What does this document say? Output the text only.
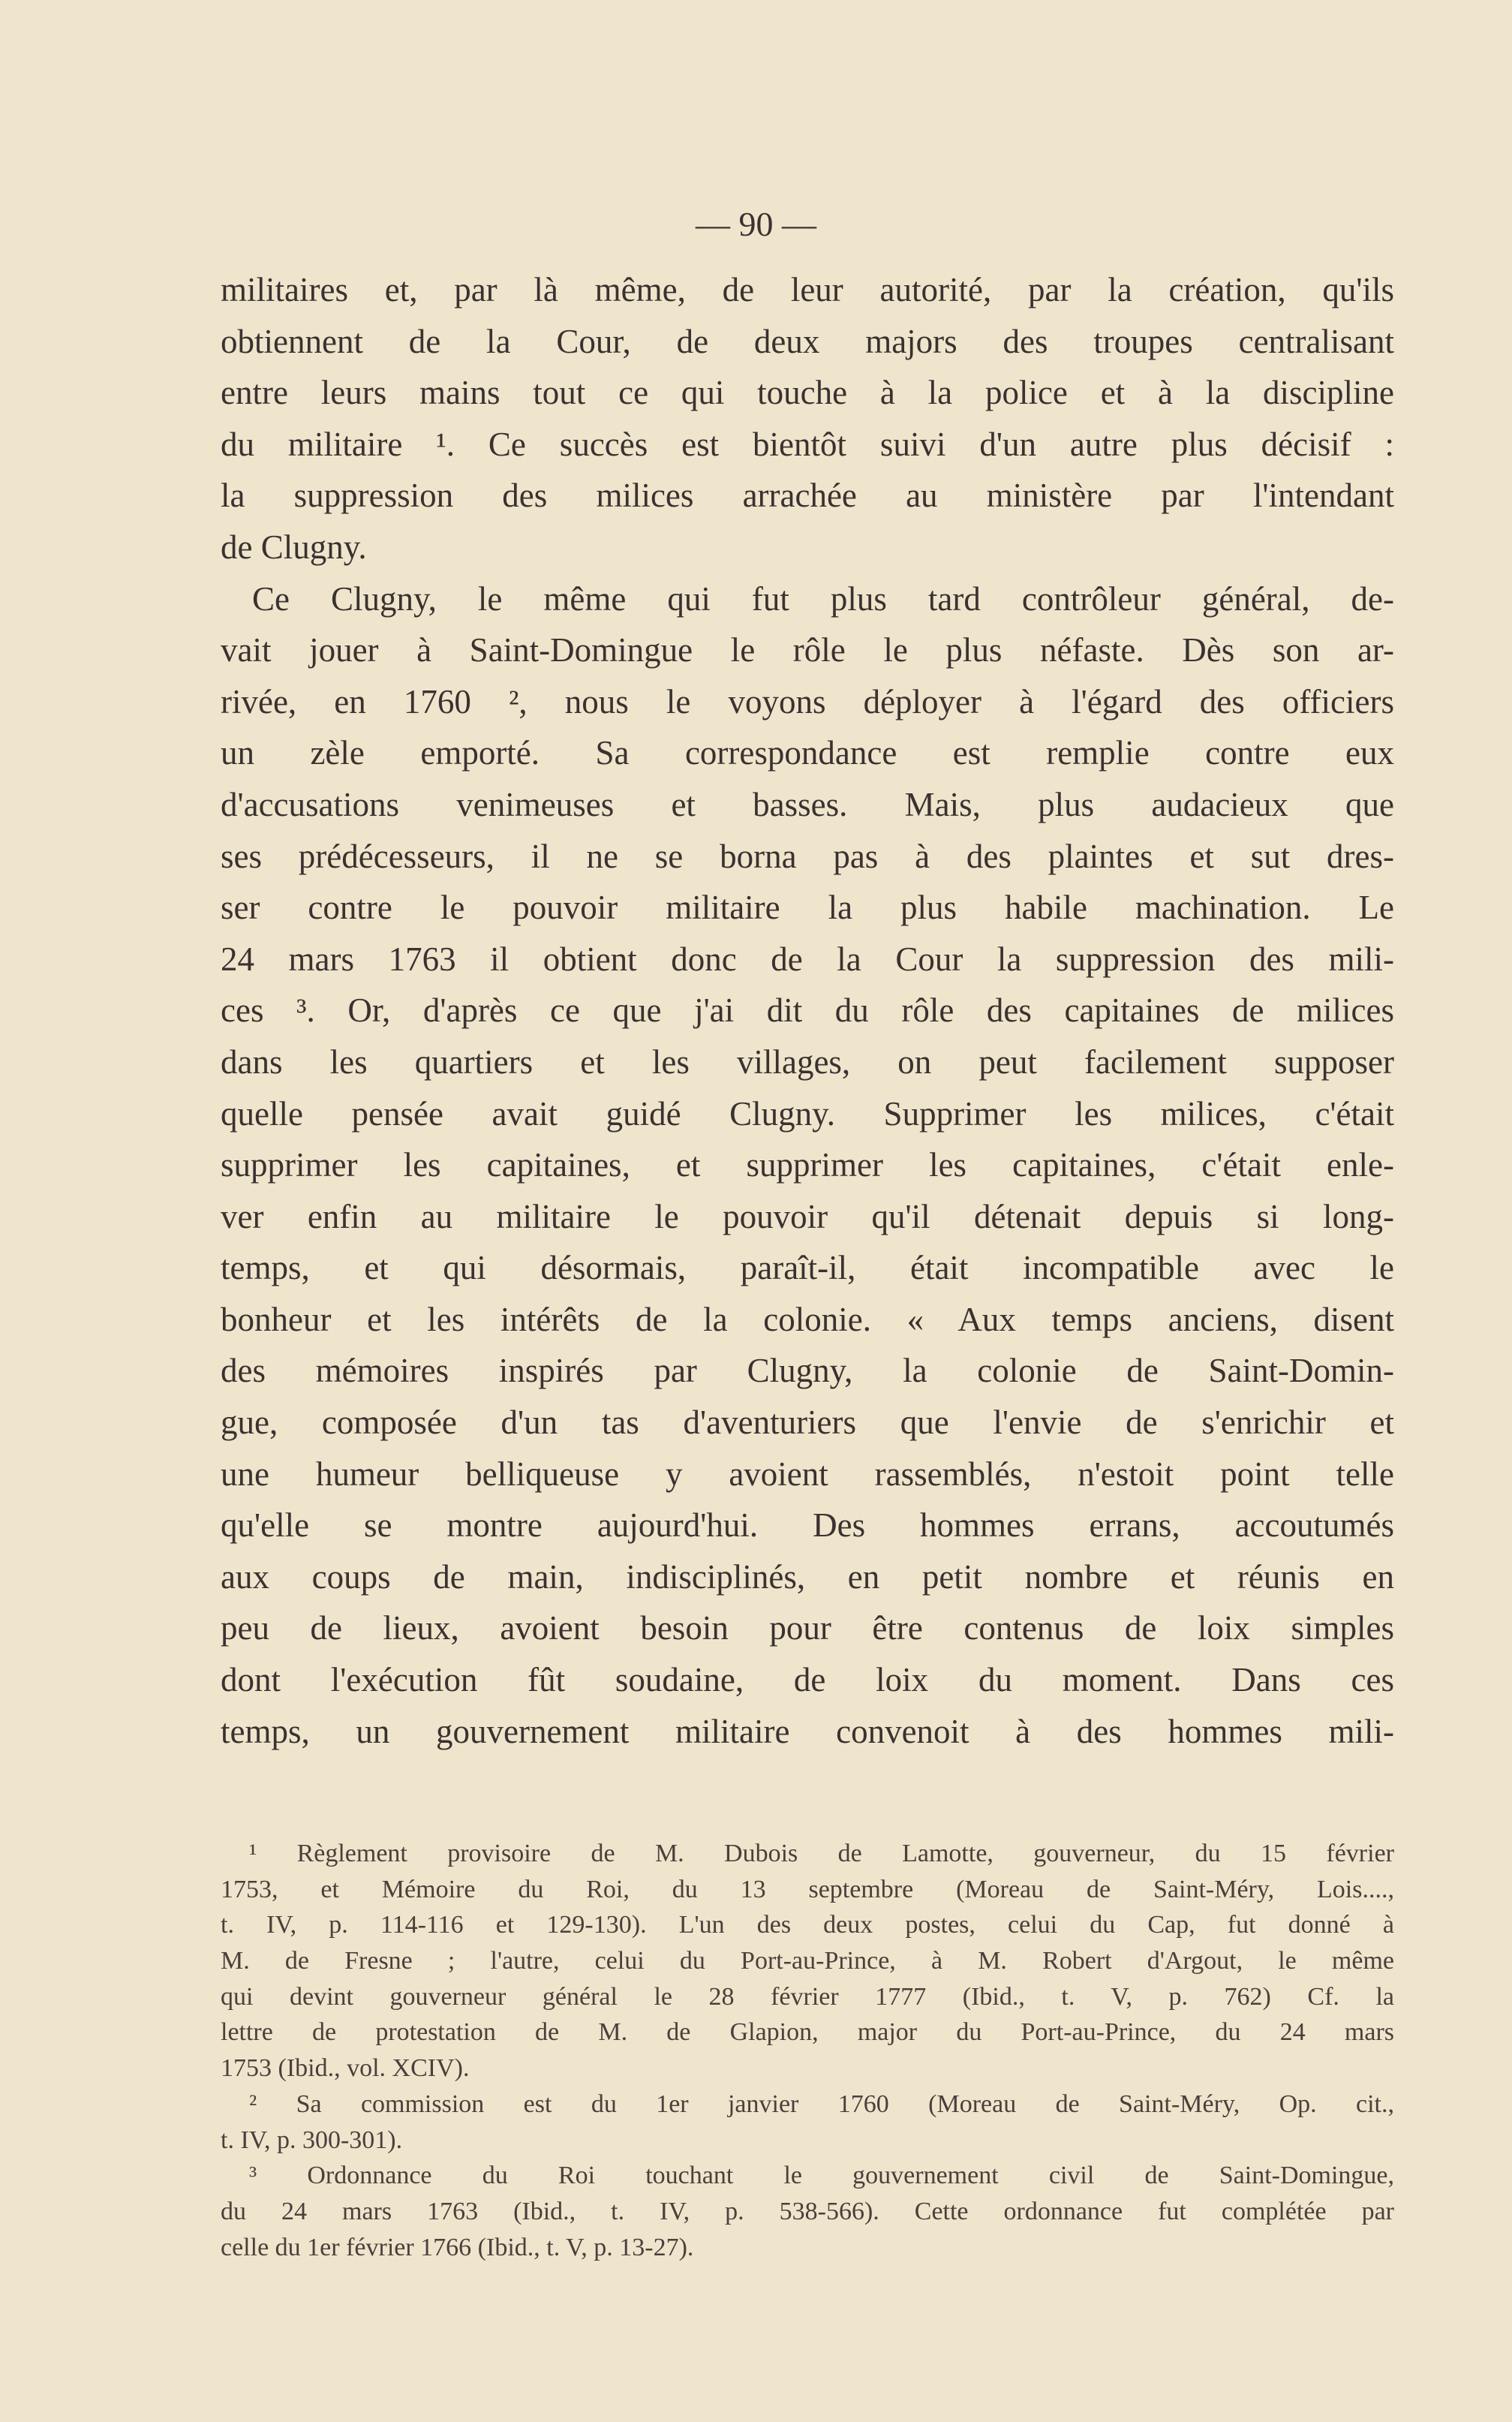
— 90 —
militaires et, par là même, de leur autorité, par la création, qu'ils
obtiennent de la Cour, de deux majors des troupes centralisant
entre leurs mains tout ce qui touche à la police et à la discipline
du militaire ¹. Ce succès est bientôt suivi d'un autre plus décisif :
la suppression des milices arrachée au ministère par l'intendant
de Clugny.
Ce Clugny, le même qui fut plus tard contrôleur général, de-
vait jouer à Saint-Domingue le rôle le plus néfaste. Dès son ar-
rivée, en 1760 ², nous le voyons déployer à l'égard des officiers
un zèle emporté. Sa correspondance est remplie contre eux
d'accusations venimeuses et basses. Mais, plus audacieux que
ses prédécesseurs, il ne se borna pas à des plaintes et sut dres-
ser contre le pouvoir militaire la plus habile machination. Le
24 mars 1763 il obtient donc de la Cour la suppression des mili-
ces ³. Or, d'après ce que j'ai dit du rôle des capitaines de milices
dans les quartiers et les villages, on peut facilement supposer
quelle pensée avait guidé Clugny. Supprimer les milices, c'était
supprimer les capitaines, et supprimer les capitaines, c'était enle-
ver enfin au militaire le pouvoir qu'il détenait depuis si long-
temps, et qui désormais, paraît-il, était incompatible avec le
bonheur et les intérêts de la colonie. « Aux temps anciens, disent
des mémoires inspirés par Clugny, la colonie de Saint-Domin-
gue, composée d'un tas d'aventuriers que l'envie de s'enrichir et
une humeur belliqueuse y avoient rassemblés, n'estoit point telle
qu'elle se montre aujourd'hui. Des hommes errans, accoutumés
aux coups de main, indisciplinés, en petit nombre et réunis en
peu de lieux, avoient besoin pour être contenus de loix simples
dont l'exécution fût soudaine, de loix du moment. Dans ces
temps, un gouvernement militaire convenoit à des hommes mili-
¹ Règlement provisoire de M. Dubois de Lamotte, gouverneur, du 15 février
1753, et Mémoire du Roi, du 13 septembre (Moreau de Saint-Méry, Lois....,
t. IV, p. 114-116 et 129-130). L'un des deux postes, celui du Cap, fut donné à
M. de Fresne ; l'autre, celui du Port-au-Prince, à M. Robert d'Argout, le même
qui devint gouverneur général le 28 février 1777 (Ibid., t. V, p. 762) Cf. la
lettre de protestation de M. de Glapion, major du Port-au-Prince, du 24 mars
1753 (Ibid., vol. XCIV).
² Sa commission est du 1er janvier 1760 (Moreau de Saint-Méry, Op. cit.,
t. IV, p. 300-301).
³ Ordonnance du Roi touchant le gouvernement civil de Saint-Domingue,
du 24 mars 1763 (Ibid., t. IV, p. 538-566). Cette ordonnance fut complétée par
celle du 1er février 1766 (Ibid., t. V, p. 13-27).
